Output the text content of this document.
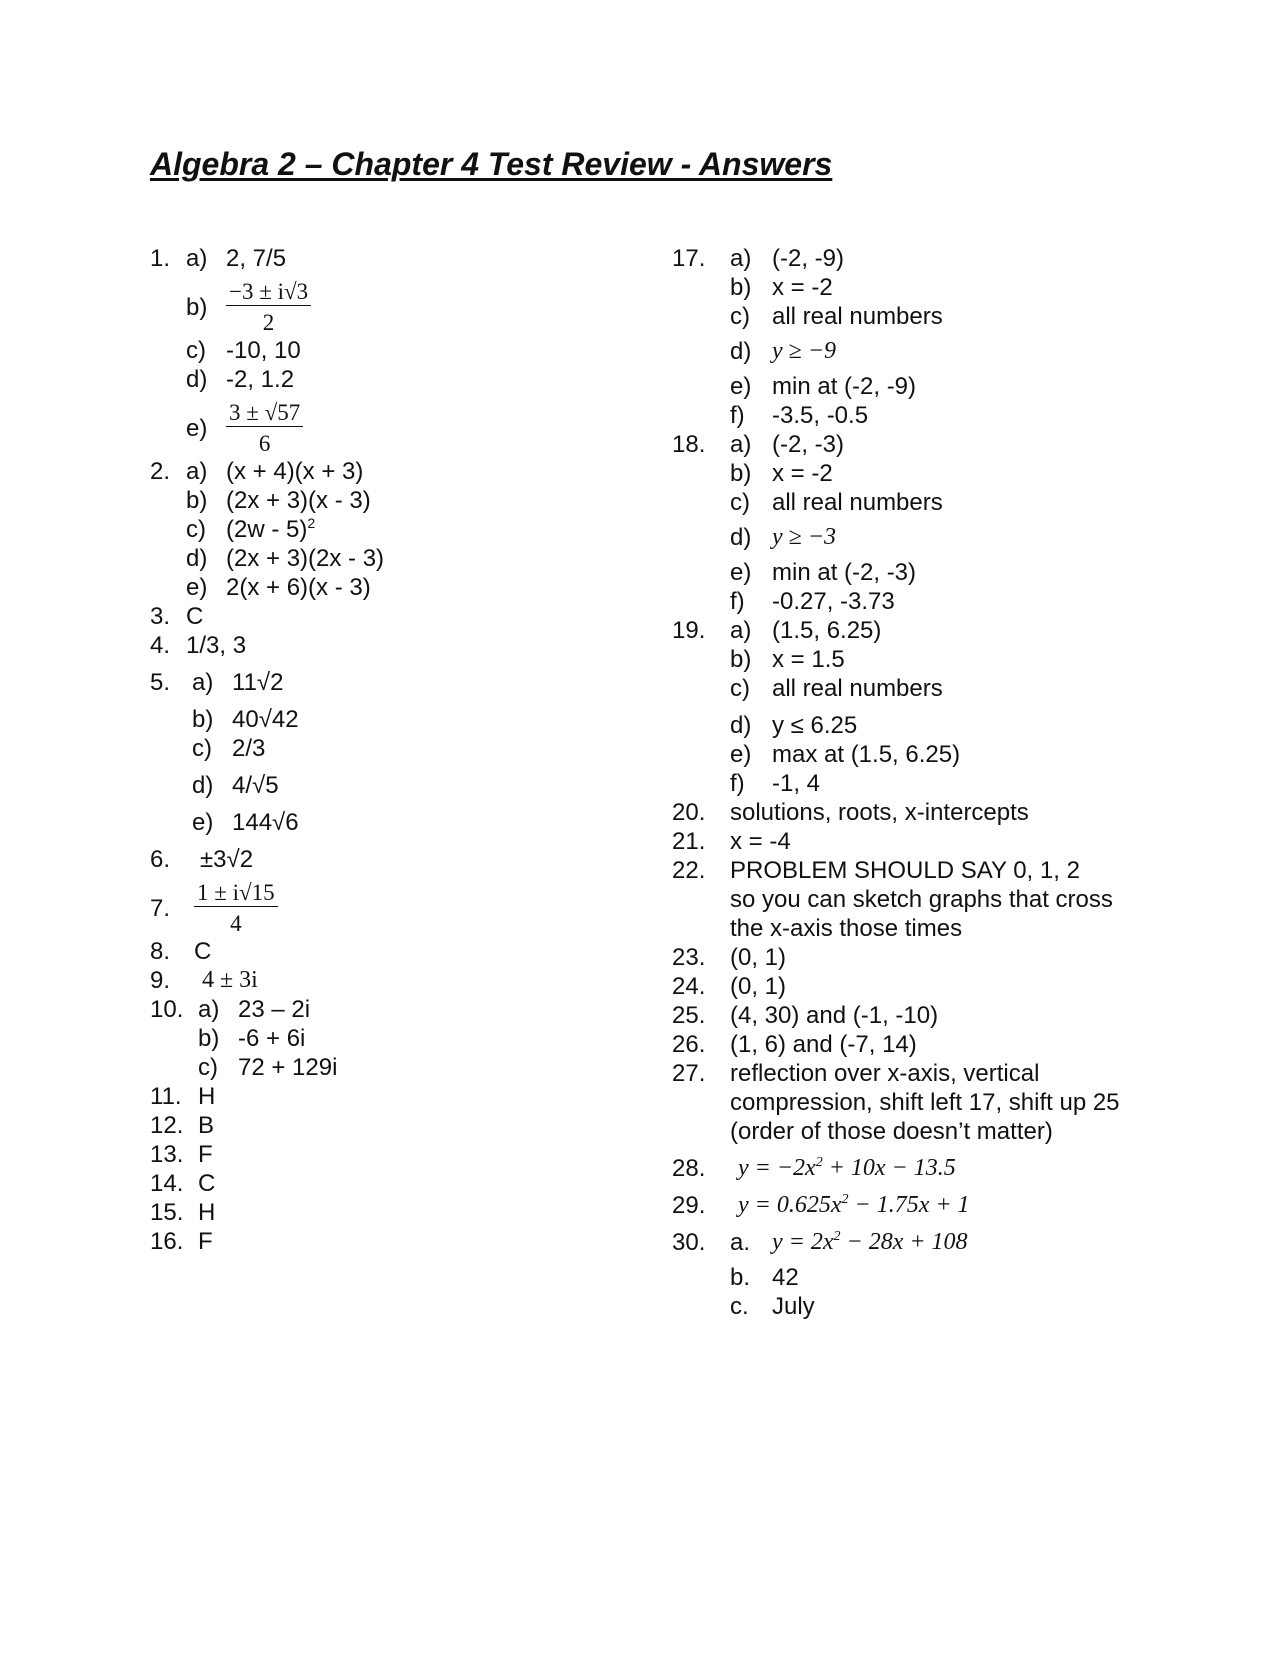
Algebra 2 – Chapter 4 Test Review - Answers
1. a) 2, 7/5
$b) \frac{-3 \pm i√3}{2}$
c) -10, 10
d) -2, 1.2
$e) \frac{3 \pm √57}{6}$
2. a) (x + 4)(x + 3)
b) (2x + 3)(x - 3)
c) (2w - 5)$^2$
d) (2x + 3)(2x - 3)
e) 2(x + 6)(x - 3)
3. C
4. 1/3, 3
5. a) 11√2
b) 40√42
c) 2/3
d) 4/√5
e) 144√6
6.	±3√2
7.	$\frac{1 \pm i√15}{4}$
8. C
9.	4 ± 3i
10. a) 23 – 2i
b) -6 + 6i
c) 72 + 129i
11. H
12. B
13. F
14. C
15. H
16. F
17.	a) (-2, -9)
b) x = -2
c) all real numbers
d) y ≥ −9
e) min at (-2, -9)
f)	-3.5, -0.5
18.	a) (-2, -3)
b) x = -2
c) all real numbers
d) y ≥ −3
e) min at (-2, -3)
f)	-0.27, -3.73
19.	a) (1.5, 6.25)
b) x = 1.5
c) all real numbers
d) y ≤ 6.25
e) max at (1.5, 6.25)
f)	-1, 4
20.	solutions, roots, x-intercepts
21.	x = -4
22.	PROBLEM SHOULD SAY 0, 1, 2
so you can sketch graphs that cross
the x-axis those times
23.	(0, 1)
24.	(0, 1)
25.	(4, 30) and (-1, -10)
26.	(1, 6) and (-7, 14)
27.	reflection over x-axis, vertical
compression, shift left 17, shift up 25
(order of those doesn’t matter)
28.	$y = -2x^2 + 10x - 13.5$
29.	$y = 0.625x^2 - 1.75x + 1$
30.	a. $y = 2x^2 - 28x + 108$
b. 42
c. July
